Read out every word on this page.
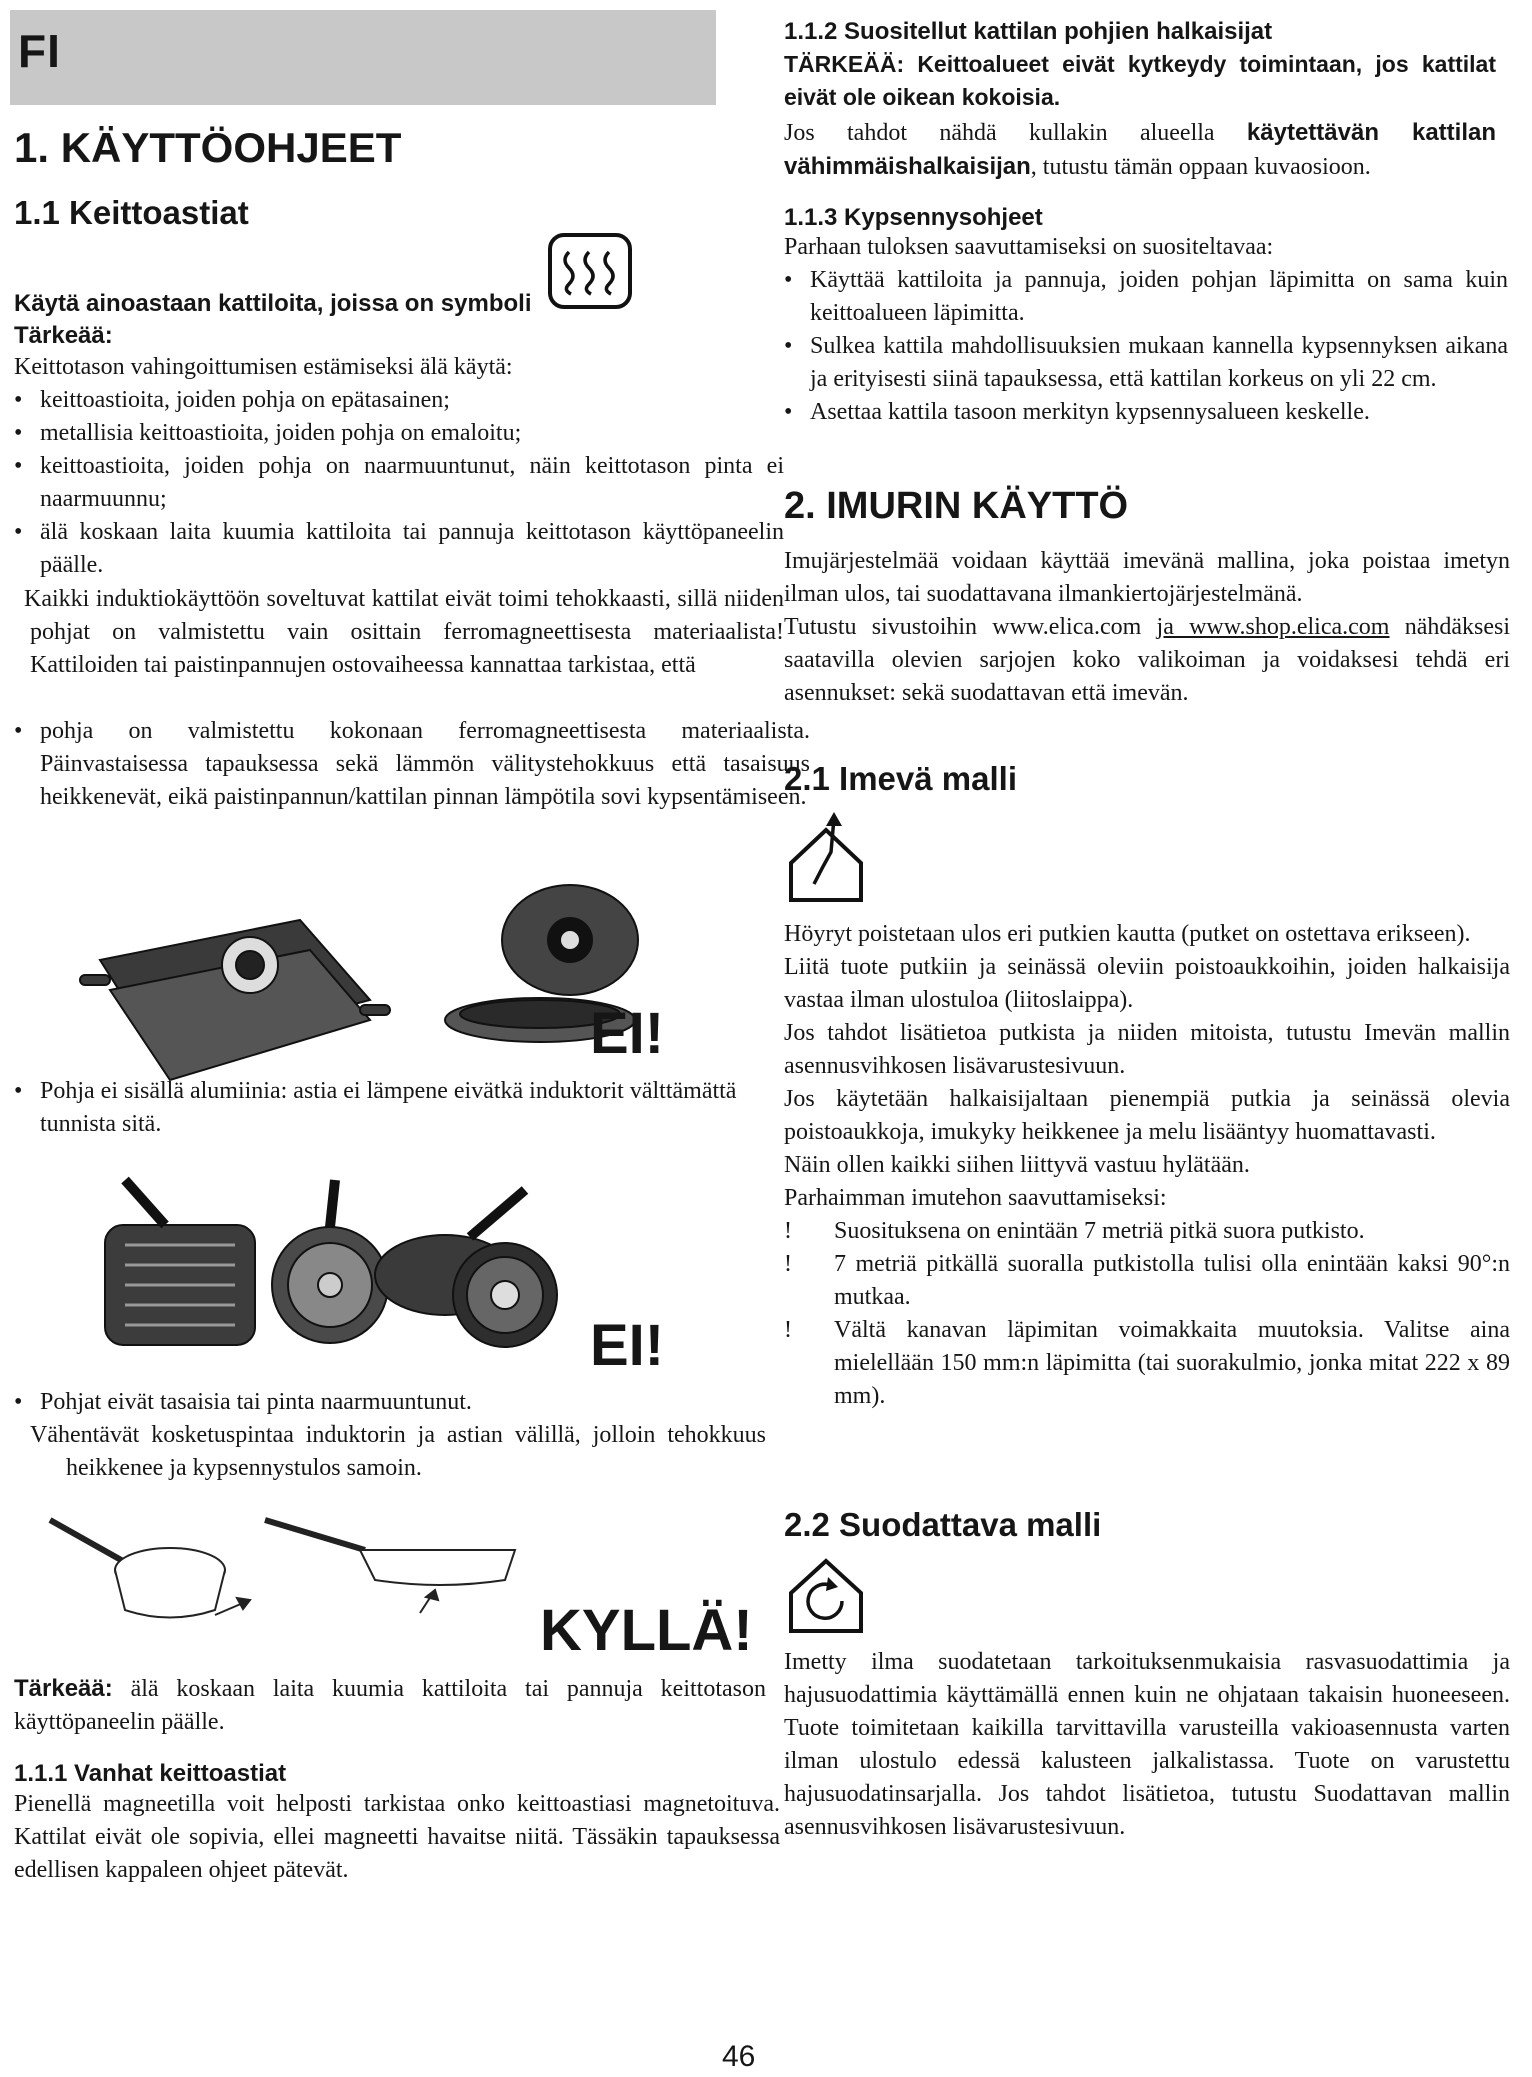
FI
1. KÄYTTÖOHJEET
1.1 Keittoastiat
Käytä ainoastaan kattiloita, joissa on symboli
Tärkeää:

Keittotason vahingoittumisen estämiseksi älä käytä:

• keittoastioita, joiden pohja on epätasainen;

• metallisia keittoastioita, joiden pohja on emaloitu;

• keittoastioita, joiden pohja on naarmuuntunut, näin keittotason pinta ei naarmuunnu;

• älä koskaan laita kuumia kattiloita tai pannuja keittotason käyttöpaneelin päälle.

Kaikki induktiokäyttöön soveltuvat kattilat eivät toimi tehokkaasti, sillä niiden pohjat on valmistettu vain osittain ferromagneettisesta materiaalista! Kattiloiden tai paistinpannujen ostovaiheessa kannattaa tarkistaa, että
• pohja on valmistettu kokonaan ferromagneettisesta materiaalista. Päinvastaisessa tapauksessa sekä lämmön välitystehokkuus että tasaisuus heikkenevät, eikä paistinpannun/kattilan pinnan lämpötila sovi kypsentämiseen.
EI!
• Pohja ei sisällä alumiinia: astia ei lämpene eivätkä induktorit välttämättä tunnista sitä.
EI!
• Pohjat eivät tasaisia tai pinta naarmuuntunut.
Vähentävät kosketuspintaa induktorin ja astian välillä, jolloin tehokkuus heikkenee ja kypsennystulos samoin.
KYLLÄ!
Tärkeää: älä koskaan laita kuumia kattiloita tai pannuja keittotason käyttöpaneelin päälle.
1.1.1 Vanhat keittoastiat
Pienellä magneetilla voit helposti tarkistaa onko keittoastiasi magnetoituva. Kattilat eivät ole sopivia, ellei magneetti havaitse niitä. Tässäkin tapauksessa edellisen kappaleen ohjeet pätevät.
1.1.2 Suositellut kattilan pohjien halkaisijat
TÄRKEÄÄ: Keittoalueet eivät kytkeydy toimintaan, jos kattilat eivät ole oikean kokoisia.
Jos tahdot nähdä kullakin alueella käytettävän kattilan vähimmäishalkaisijan, tutustu tämän oppaan kuvaosioon.
1.1.3 Kypsennysohjeet

Parhaan tuloksen saavuttamiseksi on suositeltavaa:

• Käyttää kattiloita ja pannuja, joiden pohjan läpimitta on sama kuin keittoalueen läpimitta.

• Sulkea kattila mahdollisuuksien mukaan kannella kypsennyksen aikana ja erityisesti siinä tapauksessa, että kattilan korkeus on yli 22 cm.

• Asettaa kattila tasoon merkityn kypsennysalueen keskelle.

2. IMURIN KÄYTTÖ

Imujärjestelmää voidaan käyttää imevänä mallina, joka poistaa imetyn ilman ulos, tai suodattavana ilmankiertojärjestelmänä.

Tutustu sivustoihin www.elica.com ja www.shop.elica.com nähdäksesi saatavilla olevien sarjojen koko valikoiman ja voidaksesi tehdä eri asennukset: sekä suodattavan että imevän.

2.1 Imevä malli

Höyryt poistetaan ulos eri putkien kautta (putket on ostettava erikseen).

Liitä tuote putkiin ja seinässä oleviin poistoaukkoihin, joiden halkaisija vastaa ilman ulostuloa (liitoslaippa).

Jos tahdot lisätietoa putkista ja niiden mitoista, tutustu Imevän mallin asennusvihkosen lisävarustesivuun.

Jos käytetään halkaisijaltaan pienempiä putkia ja seinässä olevia poistoaukkoja, imukyky heikkenee ja melu lisääntyy huomattavasti.

Näin ollen kaikki siihen liittyvä vastuu hylätään.

Parhaimman imutehon saavuttamiseksi:

! Suosituksena on enintään 7 metriä pitkä suora putkisto.

! 7 metriä pitkällä suoralla putkistolla tulisi olla enintään kaksi 90°:n mutkaa.

! Vältä kanavan läpimitan voimakkaita muutoksia. Valitse aina mielellään 150 mm:n läpimitta (tai suorakulmio, jonka mitat 222 x 89 mm).

2.2 Suodattava malli
Imetty ilma suodatetaan tarkoituksenmukaisia rasvasuodattimia ja hajusuodattimia käyttämällä ennen kuin ne ohjataan takaisin huoneeseen. Tuote toimitetaan kaikilla tarvittavilla varusteilla vakioasennusta varten ilman ulostulo edessä kalusteen jalkalistassa. Tuote on varustettu hajusuodatinsarjalla. Jos tahdot lisätietoa, tutustu Suodattavan mallin asennusvihkosen lisävarustesivuun.
46
